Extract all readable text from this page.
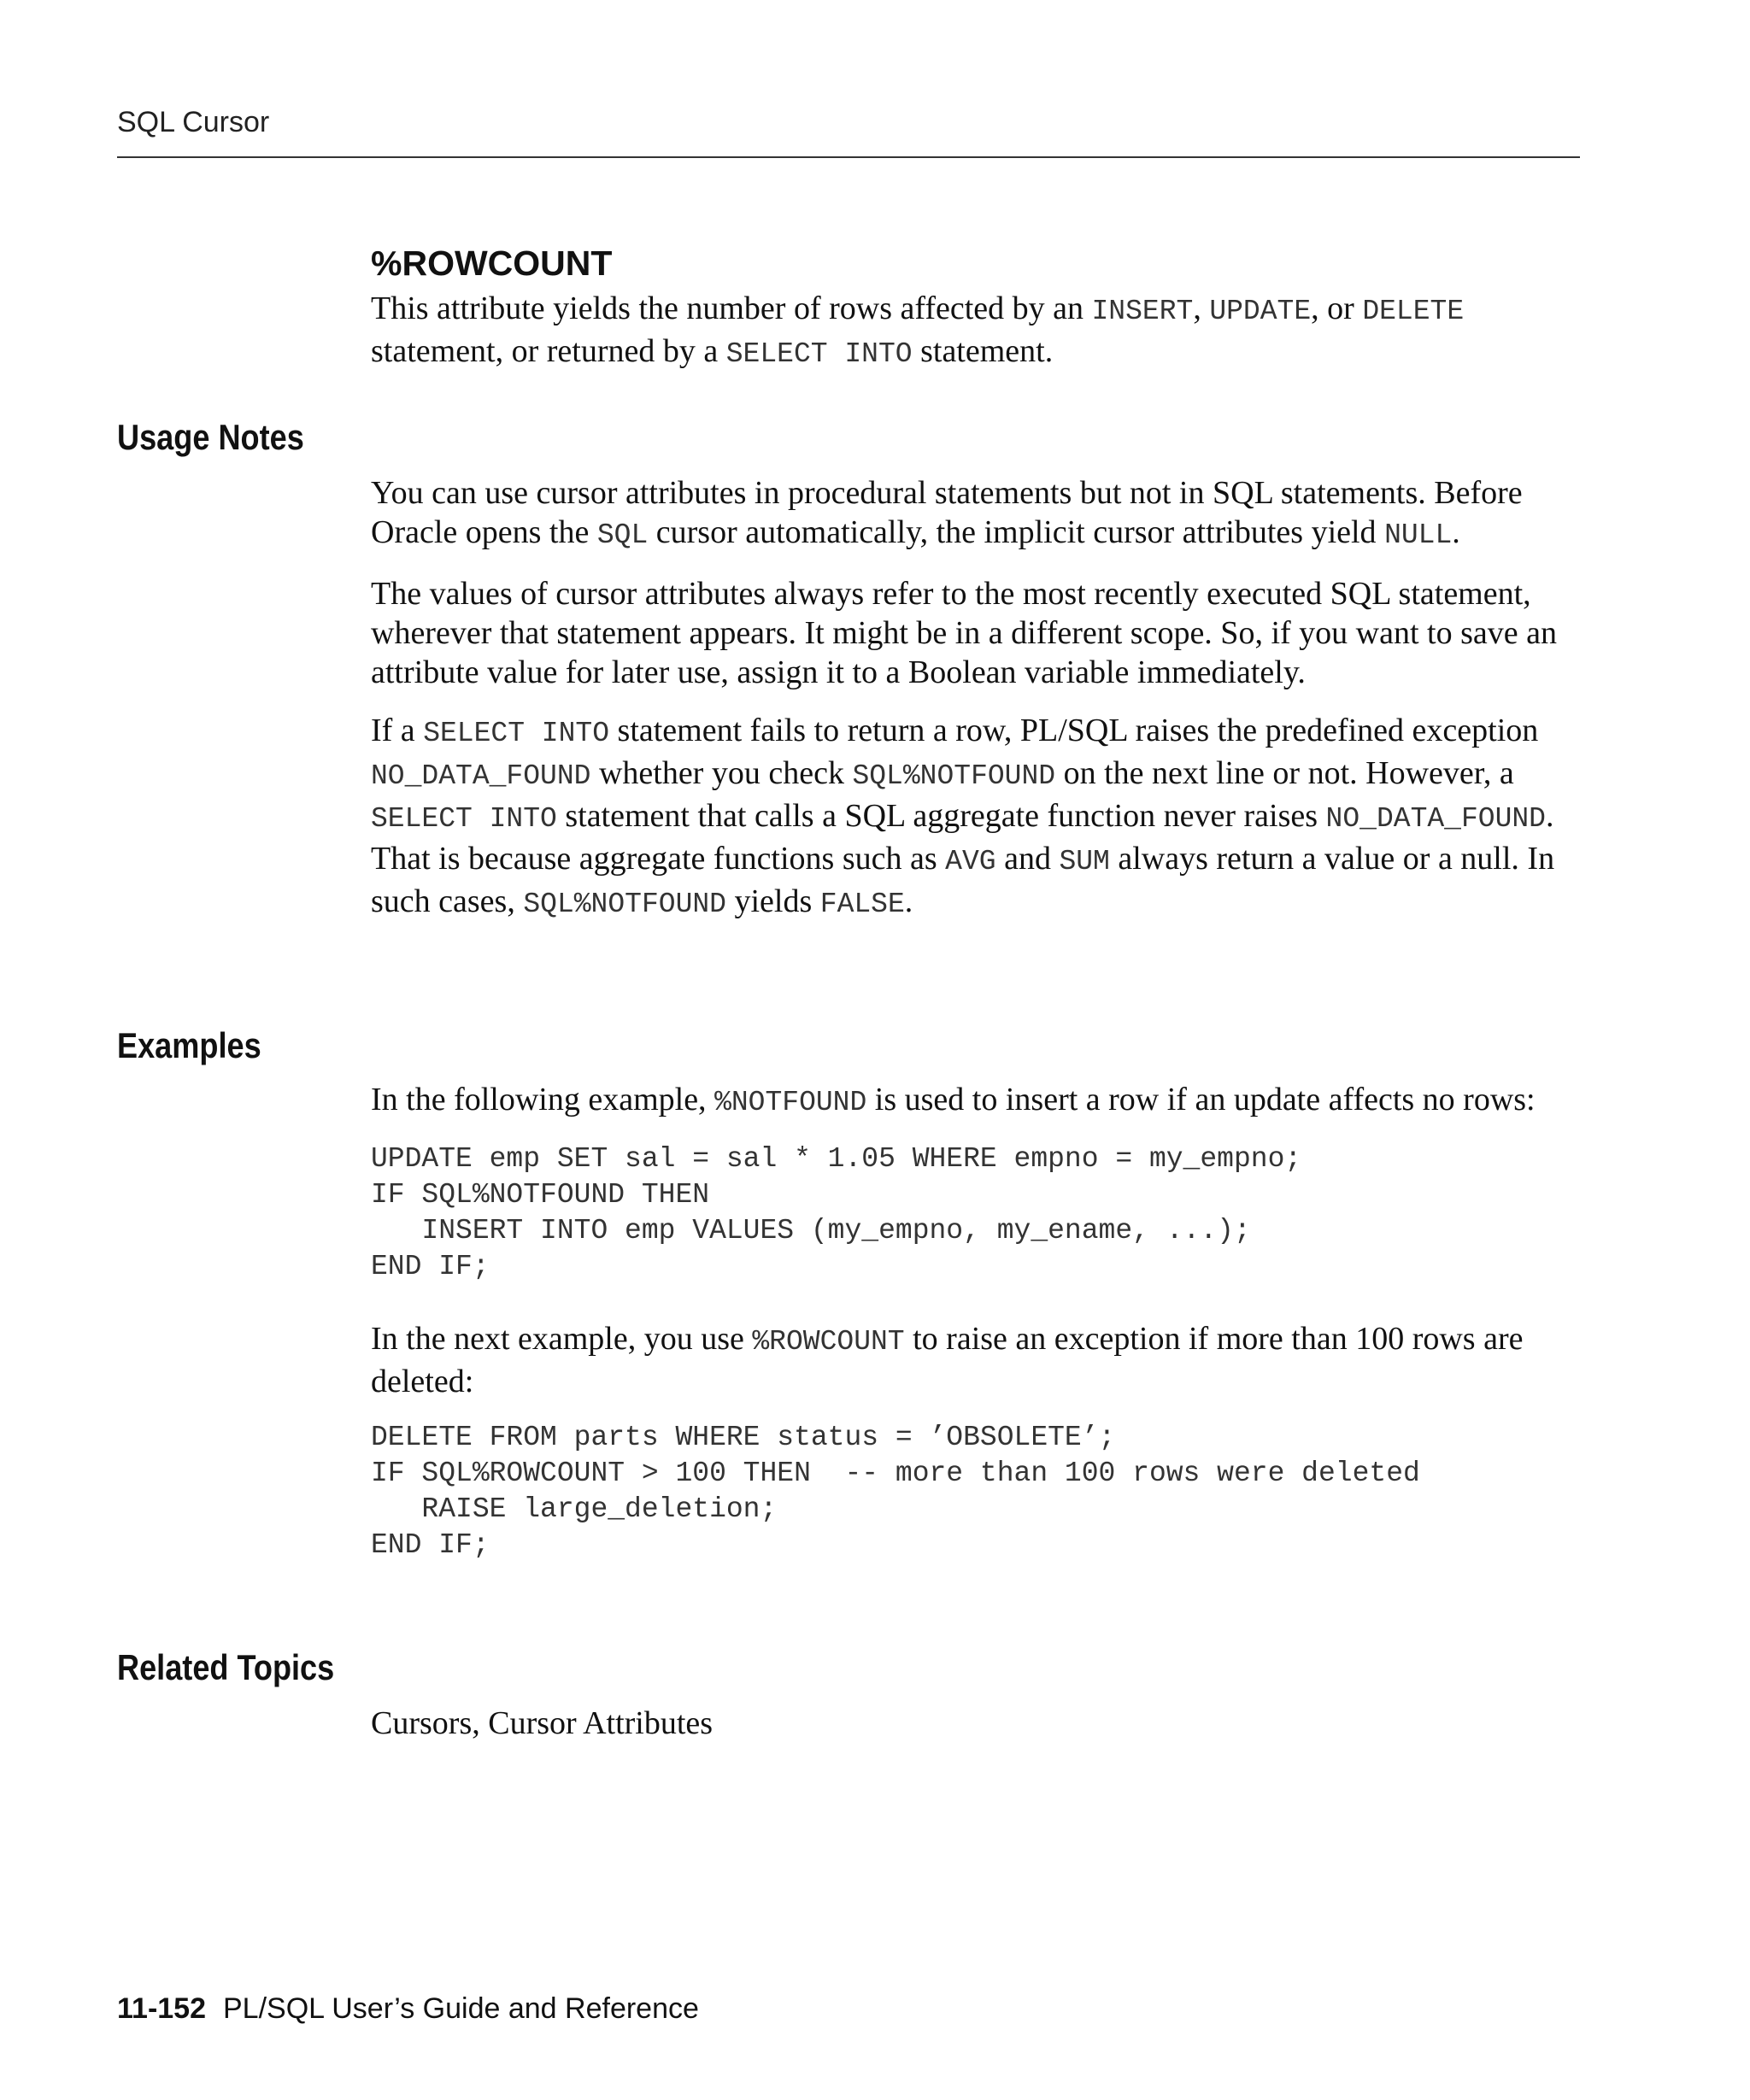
SQL Cursor
%ROWCOUNT

This attribute yields the number of rows affected by an INSERT, UPDATE, or DELETE statement, or returned by a SELECT INTO statement.

Usage Notes

You can use cursor attributes in procedural statements but not in SQL statements. Before Oracle opens the SQL cursor automatically, the implicit cursor attributes yield NULL.

The values of cursor attributes always refer to the most recently executed SQL statement, wherever that statement appears. It might be in a different scope. So, if you want to save an attribute value for later use, assign it to a Boolean variable immediately.

If a SELECT INTO statement fails to return a row, PL/SQL raises the predefined exception NO_DATA_FOUND whether you check SQL%NOTFOUND on the next line or not. However, a SELECT INTO statement that calls a SQL aggregate function never raises NO_DATA_FOUND. That is because aggregate functions such as AVG and SUM always return a value or a null. In such cases, SQL%NOTFOUND yields FALSE.

Examples

In the following example, %NOTFOUND is used to insert a row if an update affects no rows:

UPDATE emp SET sal = sal * 1.05 WHERE empno = my_empno;
IF SQL%NOTFOUND THEN
INSERT INTO emp VALUES (my_empno, my_ename, ...);
END IF;

In the next example, you use %ROWCOUNT to raise an exception if more than 100 rows are deleted:

DELETE FROM parts WHERE status = ’OBSOLETE’;
IF SQL%ROWCOUNT > 100 THEN  -- more than 100 rows were deleted
RAISE large_deletion;
END IF;
Related Topics

Cursors, Cursor Attributes

11-152 PL/SQL User’s Guide and Reference
